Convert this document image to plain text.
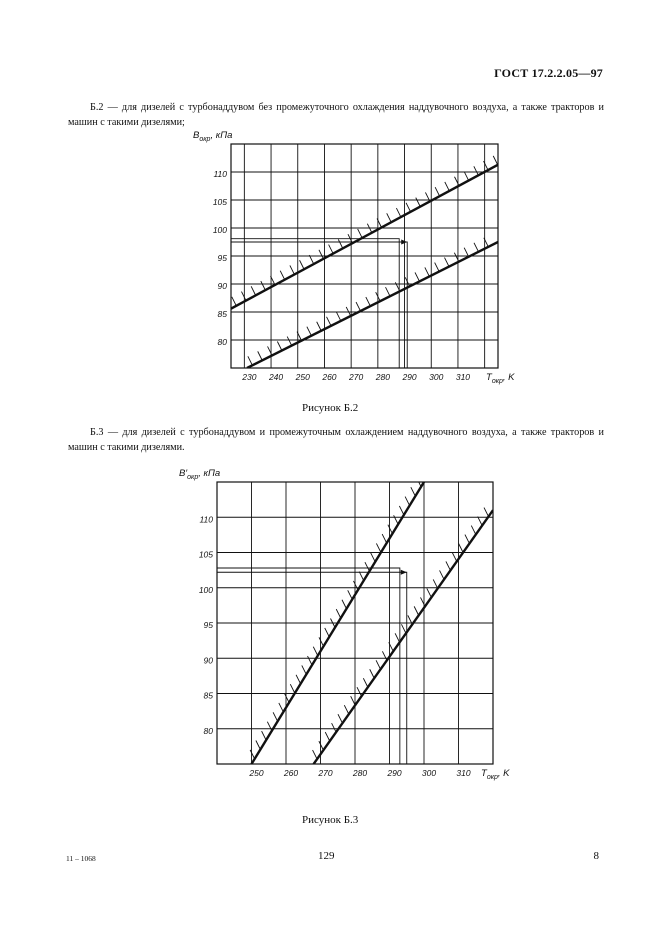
ГОСТ 17.2.2.05—97
Б.2 — для дизелей с турбонаддувом без промежуточного охлаждения наддувочного воздуха, а также тракторов и машин с такими дизелями;
230 240 250 260 270 280 290 300 310
80
85
90
95
100
105
110
$B_{окр}$, кПа
$T_{окр}$, K
Рисунок Б.2
Б.3 — для дизелей с турбонаддувом и промежуточным охлаждением наддувочного воздуха, а также тракторов и машин с такими дизелями.
250 260 270 280 290 300 310
80
85
90
95
100
105
110
$B'_{окр}$, кПа
$T_{окр}$, K
Рисунок Б.3
11 – 1068	129	8
